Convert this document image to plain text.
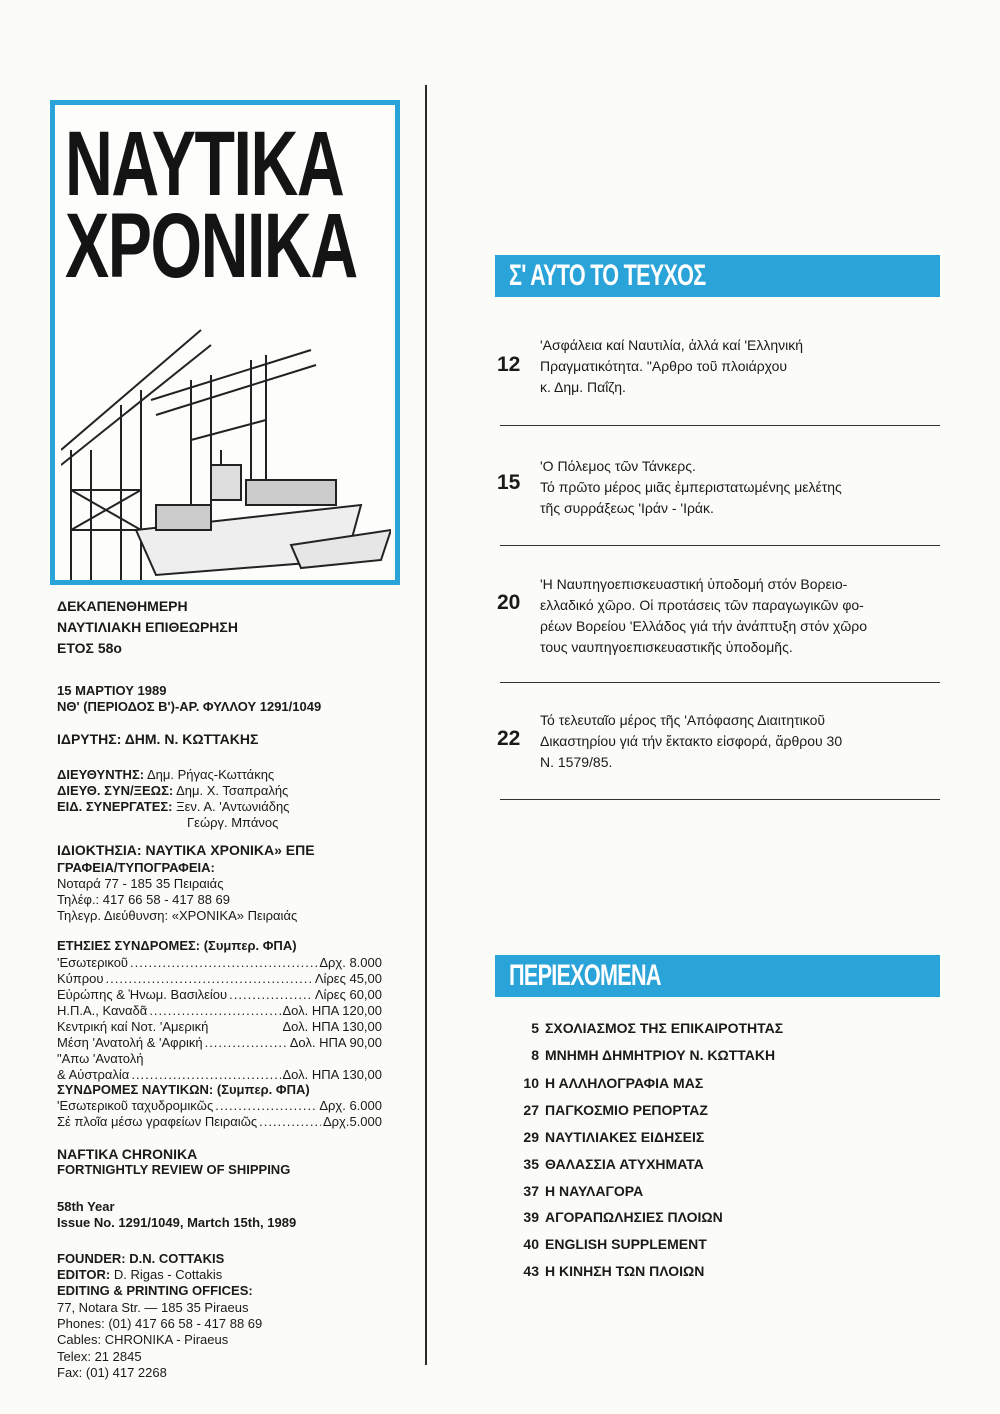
ΝΑΥΤΙΚΑ
ΧΡΟΝΙΚΑ
ΔΕΚΑΠΕΝΘΗΜΕΡΗ
ΝΑΥΤΙΛΙΑΚΗ ΕΠΙΘΕΩΡΗΣΗ
ΕΤΟΣ 58ο
15 ΜΑΡΤΙΟΥ 1989
ΝΘ' (ΠΕΡΙΟΔΟΣ Β')-ΑΡ. ΦΥΛΛΟΥ 1291/1049
ΙΔΡΥΤΗΣ: ΔΗΜ. Ν. ΚΩΤΤΑΚΗΣ
ΔΙΕΥΘΥΝΤΗΣ: Δημ. Ρήγας-Κωττάκης
ΔΙΕΥΘ. ΣΥΝ/ΞΕΩΣ: Δημ. Χ. Τσαπραλής
ΕΙΔ. ΣΥΝΕΡΓΑΤΕΣ: Ξεν. Α. 'Αντωνιάδης
Γεώργ. Μπάνος
ΙΔΙΟΚΤΗΣΙΑ: ΝΑΥΤΙΚΑ ΧΡΟΝΙΚΑ» ΕΠΕ
ΓΡΑΦΕΙΑ/ΤΥΠΟΓΡΑΦΕΙΑ:
Νοταρά 77 - 185 35 Πειραιάς
Τηλέφ.: 417 66 58 - 417 88 69
Τηλεγρ. Διεύθυνση: «ΧΡΟΝΙΚΑ» Πειραιάς
ΕΤΗΣΙΕΣ ΣΥΝΔΡΟΜΕΣ: (Συμπερ. ΦΠΑ)
'Εσωτερικοῦ .....	Δρχ. 8.000
Κύπρου .....	Λίρες 45,00
Εὐρώπης & Ἡνωμ. Βασιλείου .....	Λίρες 60,00
Η.Π.Α., Καναδᾶ .....	Δολ. ΗΠΑ 120,00
Κεντρική καί Νοτ. 'Αμερική	Δολ. ΗΠΑ 130,00
Μέση 'Ανατολή & 'Αφρική .....	Δολ. ΗΠΑ 90,00
"Απω 'Ανατολή
& Αὐστραλία .....	Δολ. ΗΠΑ 130,00
ΣΥΝΔΡΟΜΕΣ ΝΑΥΤΙΚΩΝ: (Συμπερ. ΦΠΑ)
'Εσωτερικοῦ ταχυδρομικῶς .....	Δρχ. 6.000
Σέ πλοῖα μέσω γραφείων Πειραιῶς .....	Δρχ.5.000
NAFTIKA CHRONIKA
FORTNIGHTLY REVIEW OF SHIPPING
58th Year
Issue No. 1291/1049, Martch 15th, 1989
FOUNDER: D.N. COTTAKIS
EDITOR: D. Rigas - Cottakis
EDITING & PRINTING OFFICES:
77, Notara Str. — 185 35 Piraeus
Phones: (01) 417 66 58 - 417 88 69
Cables: CHRONIKA - Piraeus
Telex: 21 2845
Fax: (01) 417 2268
Σ' ΑΥΤΟ ΤΟ ΤΕΥΧΟΣ
12
'Ασφάλεια καί Ναυτιλία, ἀλλά καί 'Ελληνική
Πραγματικότητα. "Αρθρο τοῦ πλοιάρχου
κ. Δημ. Παΐζη.
15
'Ο Πόλεμος τῶν Τάνκερς.
Τό πρῶτο μέρος μιᾶς ἐμπεριστατωμένης μελέτης
τῆς συρράξεως 'Ιράν - 'Ιράκ.
20
'Η Ναυπηγοεπισκευαστική ὑποδομή στόν Βορειο-
ελλαδικό χῶρο. Οἱ προτάσεις τῶν παραγωγικῶν φο-
ρέων Βορείου 'Ελλάδος γιά τήν ἀνάπτυξη στόν χῶρο
τους ναυπηγοεπισκευαστικῆς ὑποδομῆς.
22
Τό τελευταῖο μέρος τῆς 'Απόφασης Διαιτητικοῦ
Δικαστηρίου γιά τήν ἔκτακτο εἰσφορά, ἄρθρου 30
Ν. 1579/85.
ΠΕΡΙΕΧΟΜΕΝΑ
5 ΣΧΟΛΙΑΣΜΟΣ ΤΗΣ ΕΠΙΚΑΙΡΟΤΗΤΑΣ
8 ΜΝΗΜΗ ΔΗΜΗΤΡΙΟΥ Ν. ΚΩΤΤΑΚΗ
10 Η ΑΛΛΗΛΟΓΡΑΦΙΑ ΜΑΣ
27 ΠΑΓΚΟΣΜΙΟ ΡΕΠΟΡΤΑΖ
29 ΝΑΥΤΙΛΙΑΚΕΣ ΕΙΔΗΣΕΙΣ
35 ΘΑΛΑΣΣΙΑ ΑΤΥΧΗΜΑΤΑ
37 Η ΝΑΥΛΑΓΟΡΑ
39 ΑΓΟΡΑΠΩΛΗΣΙΕΣ ΠΛΟΙΩΝ
40 ENGLISH SUPPLEMENT
43 Η ΚΙΝΗΣΗ ΤΩΝ ΠΛΟΙΩΝ
